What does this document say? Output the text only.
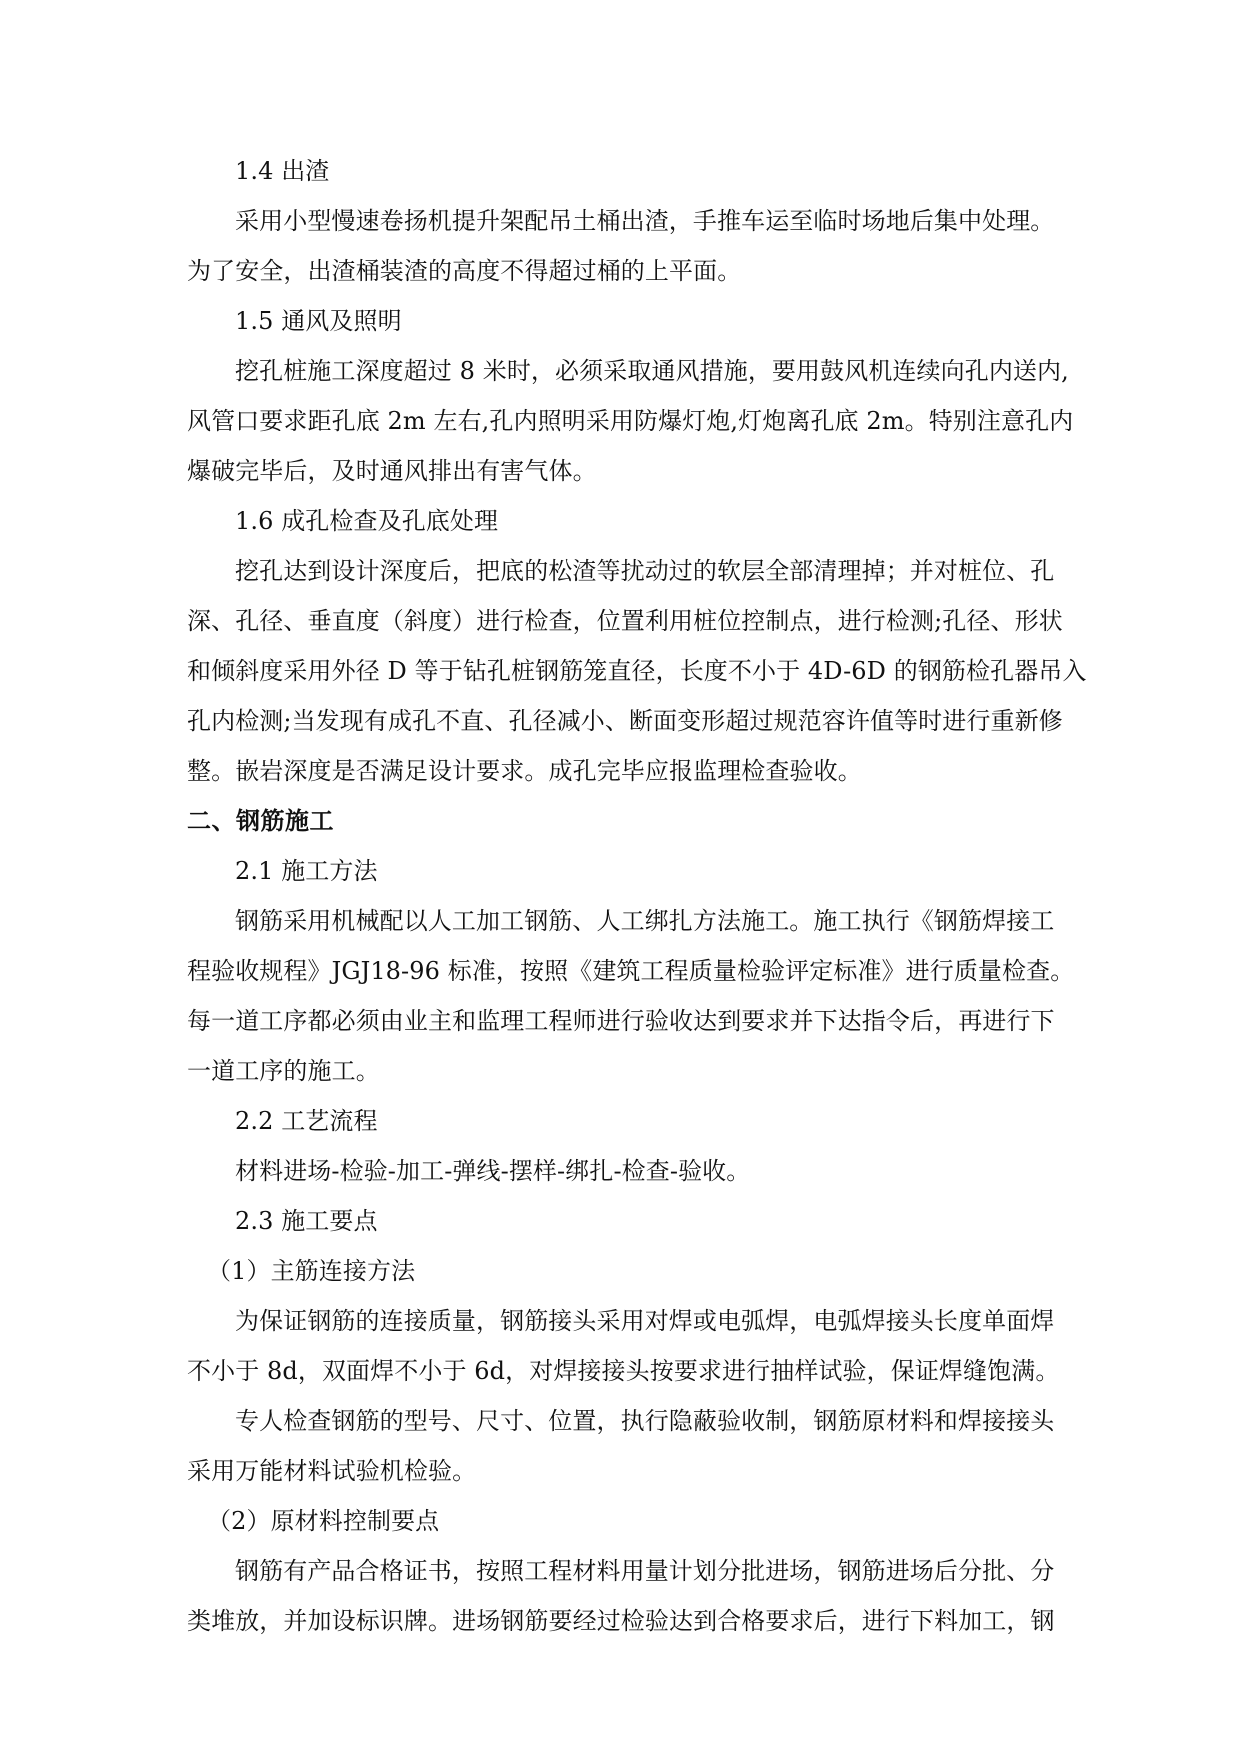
1.4 出渣
采用小型慢速卷扬机提升架配吊土桶出渣，手推车运至临时场地后集中处理。
为了安全，出渣桶装渣的高度不得超过桶的上平面。
1.5 通风及照明
挖孔桩施工深度超过 8 米时，必须采取通风措施，要用鼓风机连续向孔内送内,
风管口要求距孔底 2m 左右,孔内照明采用防爆灯炮,灯炮离孔底 2m。特别注意孔内
爆破完毕后，及时通风排出有害气体。
1.6 成孔检查及孔底处理
挖孔达到设计深度后，把底的松渣等扰动过的软层全部清理掉；并对桩位、孔
深、孔径、垂直度（斜度）进行检查，位置利用桩位控制点，进行检测;孔径、形状
和倾斜度采用外径 D 等于钻孔桩钢筋笼直径，长度不小于 4D-6D 的钢筋检孔器吊入
孔内检测;当发现有成孔不直、孔径减小、断面变形超过规范容许值等时进行重新修
整。嵌岩深度是否满足设计要求。成孔完毕应报监理检查验收。
二、钢筋施工
2.1 施工方法
钢筋采用机械配以人工加工钢筋、人工绑扎方法施工。施工执行《钢筋焊接工
程验收规程》JGJ18-96 标准，按照《建筑工程质量检验评定标准》进行质量检查。
每一道工序都必须由业主和监理工程师进行验收达到要求并下达指令后，再进行下
一道工序的施工。
2.2 工艺流程
材料进场-检验-加工-弹线-摆样-绑扎-检查-验收。
2.3 施工要点
（1）主筋连接方法
为保证钢筋的连接质量，钢筋接头采用对焊或电弧焊，电弧焊接头长度单面焊
不小于 8d，双面焊不小于 6d，对焊接接头按要求进行抽样试验，保证焊缝饱满。
专人检查钢筋的型号、尺寸、位置，执行隐蔽验收制，钢筋原材料和焊接接头
采用万能材料试验机检验。
（2）原材料控制要点
钢筋有产品合格证书，按照工程材料用量计划分批进场，钢筋进场后分批、分
类堆放，并加设标识牌。进场钢筋要经过检验达到合格要求后，进行下料加工，钢
